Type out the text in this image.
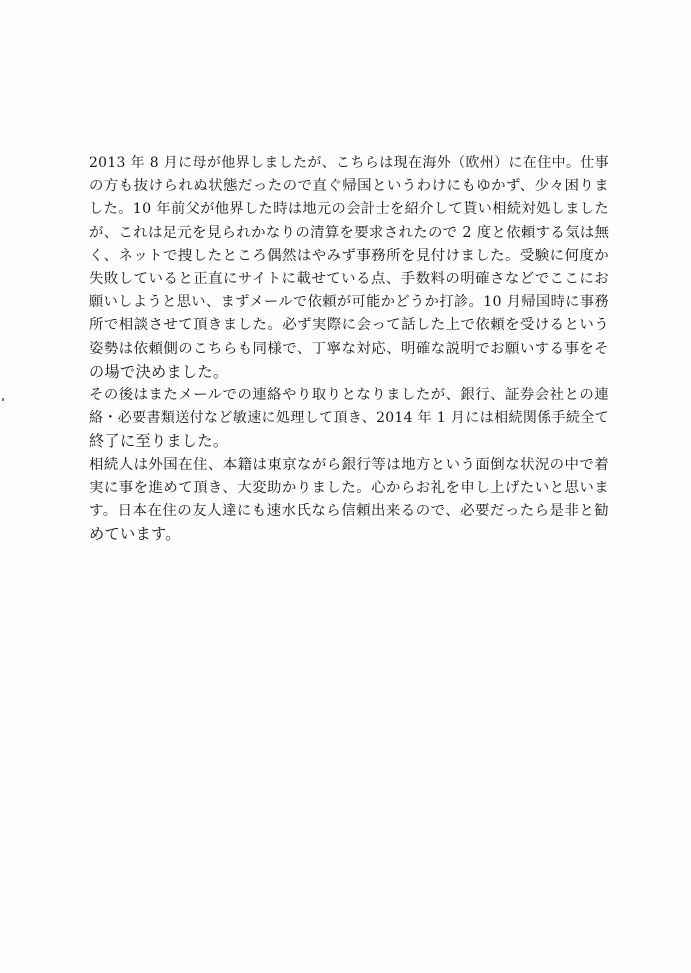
2013 年 8 月に母が他界しましたが、こちらは現在海外（欧州）に在住中。仕事
の方も抜けられぬ状態だったので直ぐ帰国というわけにもゆかず、少々困りま
した。10 年前父が他界した時は地元の会計士を紹介して貰い相続対処しました
が、これは足元を見られかなりの清算を要求されたので 2 度と依頼する気は無
く、ネットで捜したところ偶然はやみず事務所を見付けました。受験に何度か
失敗していると正直にサイトに載せている点、手数料の明確さなどでここにお
願いしようと思い、まずメールで依頼が可能かどうか打診。10 月帰国時に事務
所で相談させて頂きました。必ず実際に会って話した上で依頼を受けるという
姿勢は依頼側のこちらも同様で、丁寧な対応、明確な説明でお願いする事をそ
の場で決めました。
その後はまたメールでの連絡やり取りとなりましたが、銀行、証券会社との連
絡・必要書類送付など敏速に処理して頂き、2014 年 1 月には相続関係手続全て
終了に至りました。
相続人は外国在住、本籍は東京ながら銀行等は地方という面倒な状況の中で着
実に事を進めて頂き、大変助かりました。心からお礼を申し上げたいと思いま
す。日本在住の友人達にも速水氏なら信頼出来るので、必要だったら是非と勧
めています。
